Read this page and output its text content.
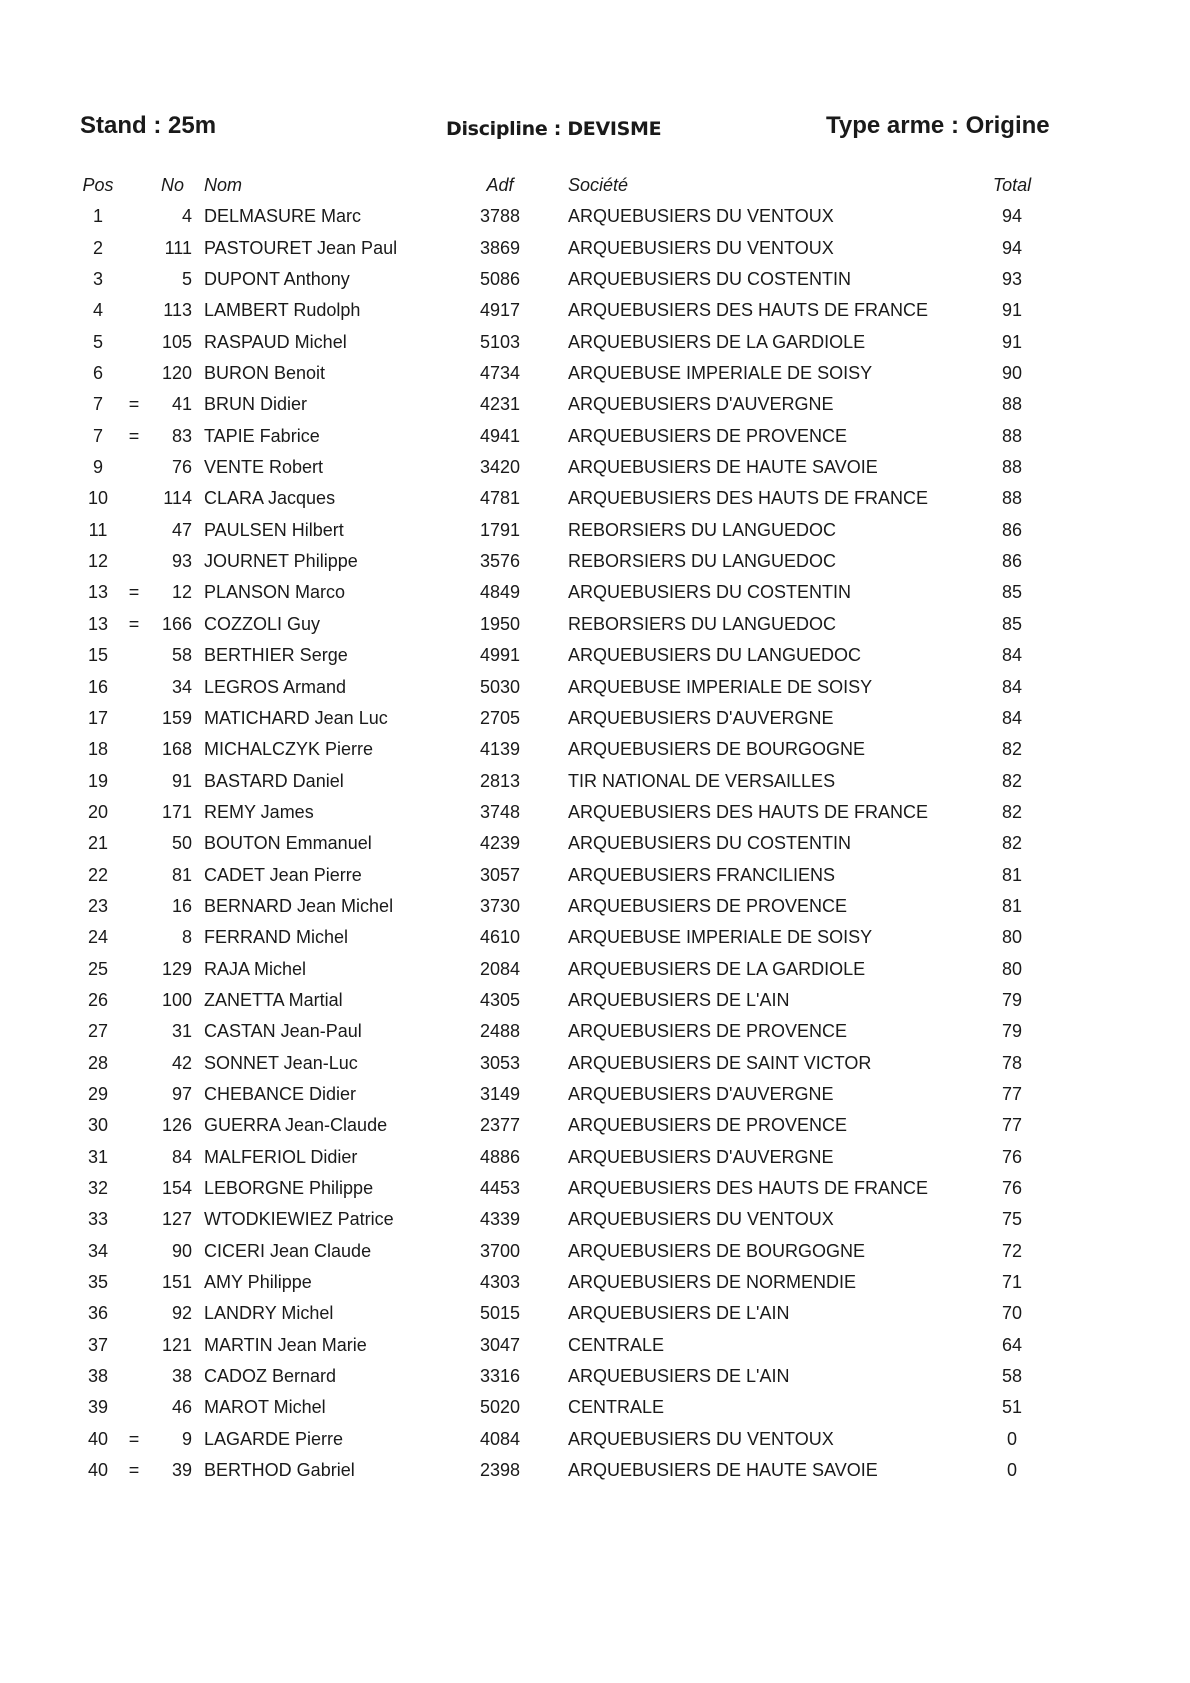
Stand : 25m	Discipline : DEVISME	Type arme : Origine
Pos	No Nom	Adf	Société	Total
1	4 DELMASURE Marc	3788	ARQUEBUSIERS DU VENTOUX	94
2	111 PASTOURET Jean Paul	3869	ARQUEBUSIERS DU VENTOUX	94
3	5 DUPONT Anthony	5086	ARQUEBUSIERS DU COSTENTIN	93
4	113 LAMBERT Rudolph	4917	ARQUEBUSIERS DES HAUTS DE FRANCE	91
5	105 RASPAUD Michel	5103	ARQUEBUSIERS DE LA GARDIOLE	91
6	120 BURON Benoit	4734	ARQUEBUSE IMPERIALE DE SOISY	90
7	=	41 BRUN Didier	4231	ARQUEBUSIERS D'AUVERGNE	88
7	=	83 TAPIE Fabrice	4941	ARQUEBUSIERS DE PROVENCE	88
9	76 VENTE Robert	3420	ARQUEBUSIERS DE HAUTE SAVOIE	88
10	114 CLARA Jacques	4781	ARQUEBUSIERS DES HAUTS DE FRANCE	88
11	47 PAULSEN Hilbert	1791	REBORSIERS DU LANGUEDOC	86
12	93 JOURNET Philippe	3576	REBORSIERS DU LANGUEDOC	86
13	=	12 PLANSON Marco	4849	ARQUEBUSIERS DU COSTENTIN	85
13	=	166 COZZOLI Guy	1950	REBORSIERS DU LANGUEDOC	85
15	58 BERTHIER Serge	4991	ARQUEBUSIERS DU LANGUEDOC	84
16	34 LEGROS Armand	5030	ARQUEBUSE IMPERIALE DE SOISY	84
17	159 MATICHARD Jean Luc	2705	ARQUEBUSIERS D'AUVERGNE	84
18	168 MICHALCZYK Pierre	4139	ARQUEBUSIERS DE BOURGOGNE	82
19	91 BASTARD Daniel	2813	TIR NATIONAL DE VERSAILLES	82
20	171 REMY James	3748	ARQUEBUSIERS DES HAUTS DE FRANCE	82
21	50 BOUTON Emmanuel	4239	ARQUEBUSIERS DU COSTENTIN	82
22	81 CADET Jean Pierre	3057	ARQUEBUSIERS FRANCILIENS	81
23	16 BERNARD Jean Michel	3730	ARQUEBUSIERS DE PROVENCE	81
24	8 FERRAND Michel	4610	ARQUEBUSE IMPERIALE DE SOISY	80
25	129 RAJA Michel	2084	ARQUEBUSIERS DE LA GARDIOLE	80
26	100 ZANETTA Martial	4305	ARQUEBUSIERS DE L'AIN	79
27	31 CASTAN Jean-Paul	2488	ARQUEBUSIERS DE PROVENCE	79
28	42 SONNET Jean-Luc	3053	ARQUEBUSIERS DE SAINT VICTOR	78
29	97 CHEBANCE Didier	3149	ARQUEBUSIERS D'AUVERGNE	77
30	126 GUERRA Jean-Claude	2377	ARQUEBUSIERS DE PROVENCE	77
31	84 MALFERIOL Didier	4886	ARQUEBUSIERS D'AUVERGNE	76
32	154 LEBORGNE Philippe	4453	ARQUEBUSIERS DES HAUTS DE FRANCE	76
33	127 WTODKIEWIEZ Patrice	4339	ARQUEBUSIERS DU VENTOUX	75
34	90 CICERI Jean Claude	3700	ARQUEBUSIERS DE BOURGOGNE	72
35	151 AMY Philippe	4303	ARQUEBUSIERS DE NORMENDIE	71
36	92 LANDRY Michel	5015	ARQUEBUSIERS DE L'AIN	70
37	121 MARTIN Jean Marie	3047	CENTRALE	64
38	38 CADOZ Bernard	3316	ARQUEBUSIERS DE L'AIN	58
39	46 MAROT Michel	5020	CENTRALE	51
40	=	9 LAGARDE Pierre	4084	ARQUEBUSIERS DU VENTOUX	0
40	=	39 BERTHOD Gabriel	2398	ARQUEBUSIERS DE HAUTE SAVOIE	0
